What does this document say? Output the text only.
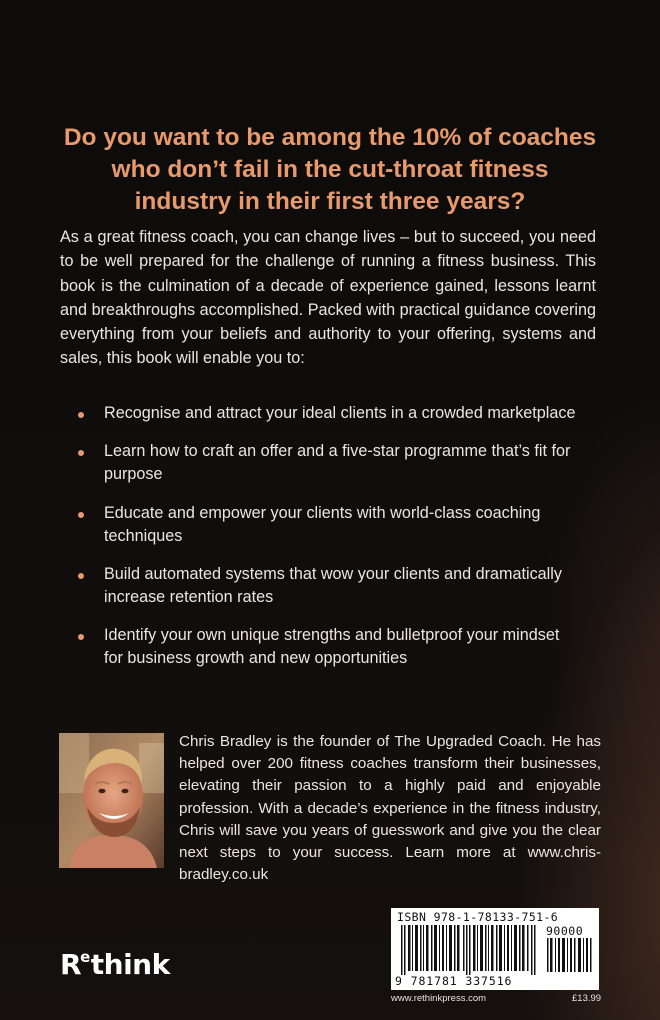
Do you want to be among the 10% of coaches who don’t fail in the cut-throat fitness industry in their first three years?
As a great fitness coach, you can change lives – but to succeed, you need to be well prepared for the challenge of running a fitness business. This book is the culmination of a decade of experience gained, lessons learnt and breakthroughs accomplished. Packed with practical guidance covering everything from your beliefs and authority to your offering, systems and sales, this book will enable you to:
Recognise and attract your ideal clients in a crowded marketplace
Learn how to craft an offer and a five-star programme that’s fit for purpose
Educate and empower your clients with world-class coaching techniques
Build automated systems that wow your clients and dramatically increase retention rates
Identify your own unique strengths and bulletproof your mindset for business growth and new opportunities
Chris Bradley is the founder of The Upgraded Coach. He has helped over 200 fitness coaches transform their businesses, elevating their passion to a highly paid and enjoyable profession. With a decade’s experience in the fitness industry, Chris will save you years of guesswork and give you the clear next steps to your success. Learn more at www.chris-bradley.co.uk
R e think
ISBN 978-1-78133-751-6
90000
9 781781 337516
www.rethinkpress.com	£13.99
